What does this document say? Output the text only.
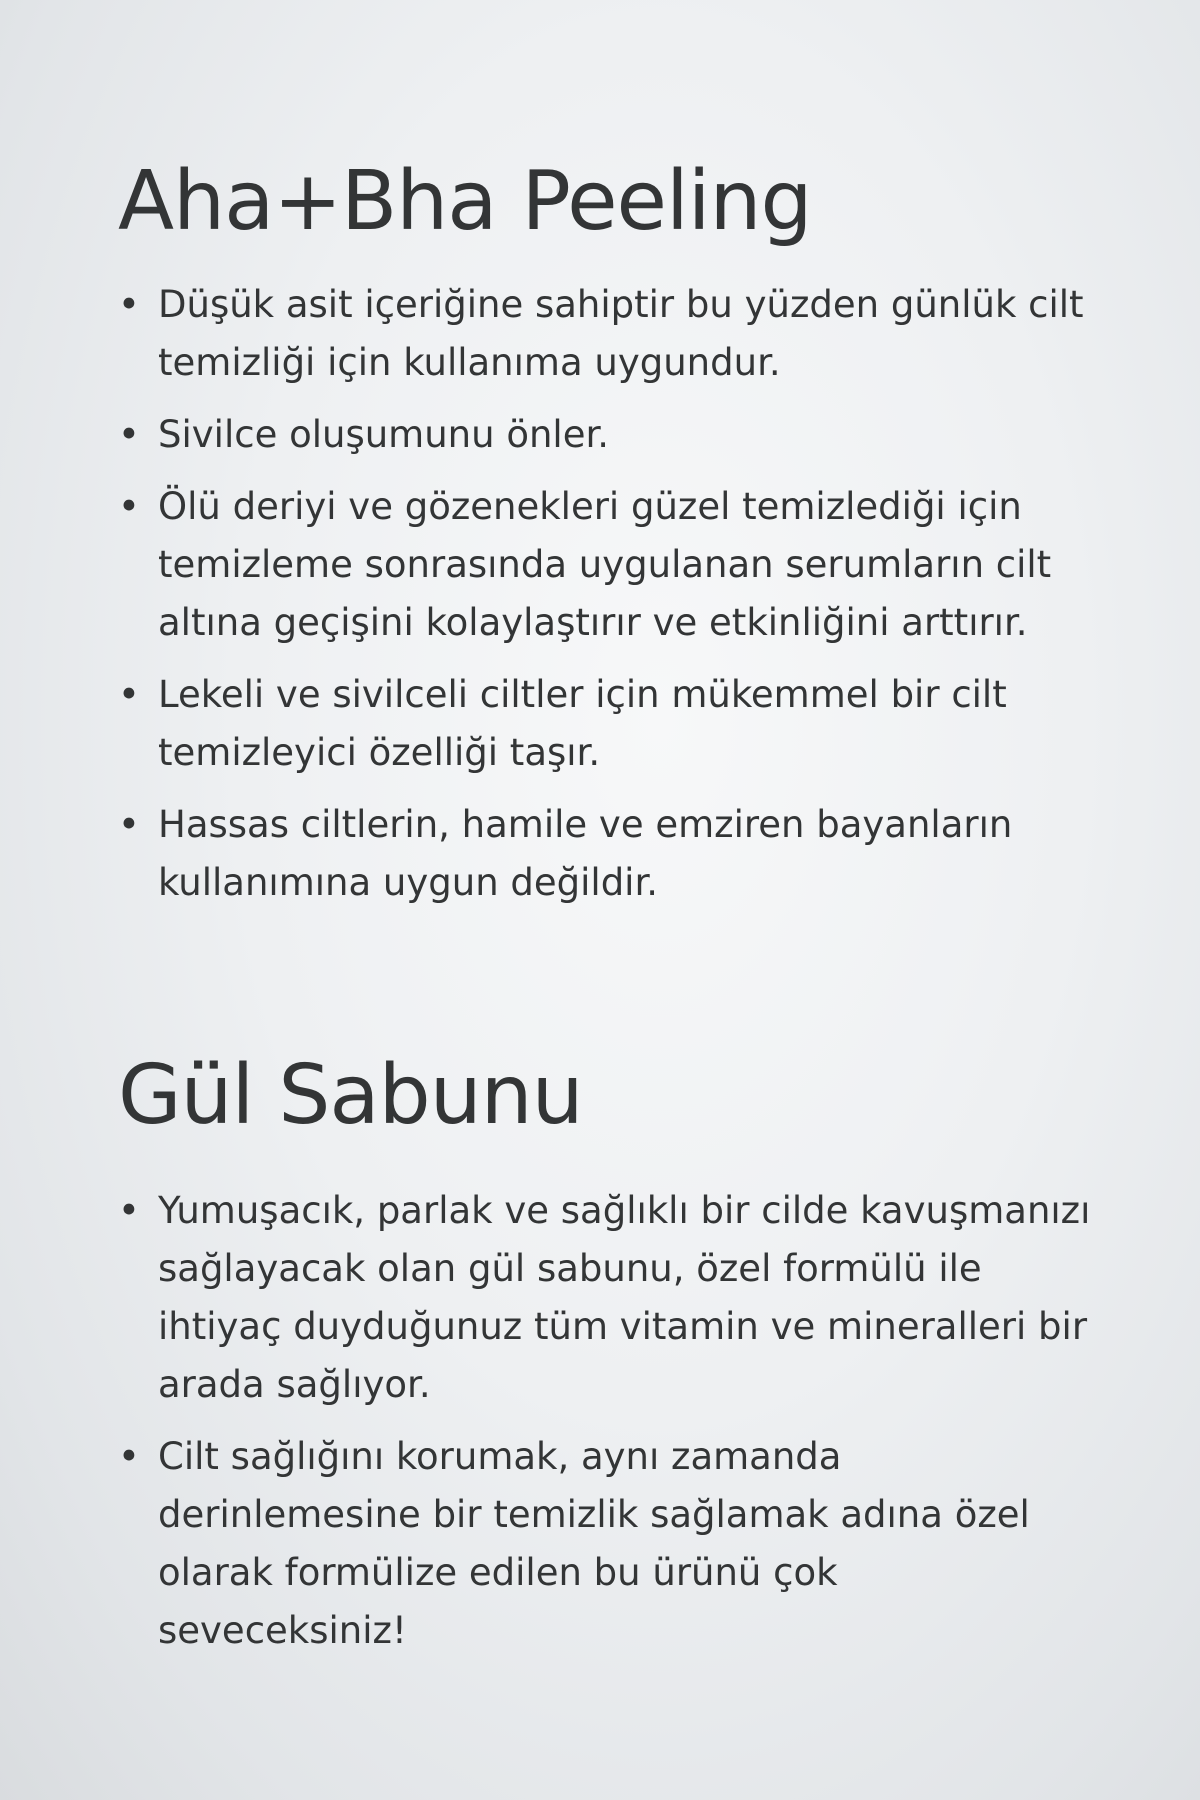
Aha+Bha Peeling
• Düşük asit içeriğine sahiptir bu yüzden günlük cilt temizliği için kullanıma uygundur.
• Sivilce oluşumunu önler.
• Ölü deriyi ve gözenekleri güzel temizlediği için temizleme sonrasında uygulanan serumların cilt altına geçişini kolaylaştırır ve etkinliğini arttırır.
• Lekeli ve sivilceli ciltler için mükemmel bir cilt temizleyici özelliği taşır.
• Hassas ciltlerin, hamile ve emziren bayanların kullanımına uygun değildir.
Gül Sabunu
• Yumuşacık, parlak ve sağlıklı bir cilde kavuşmanızı sağlayacak olan gül sabunu, özel formülü ile ihtiyaç duyduğunuz tüm vitamin ve mineralleri bir arada sağlıyor.
• Cilt sağlığını korumak, aynı zamanda derinlemesine bir temizlik sağlamak adına özel olarak formülize edilen bu ürünü çok seveceksiniz!
